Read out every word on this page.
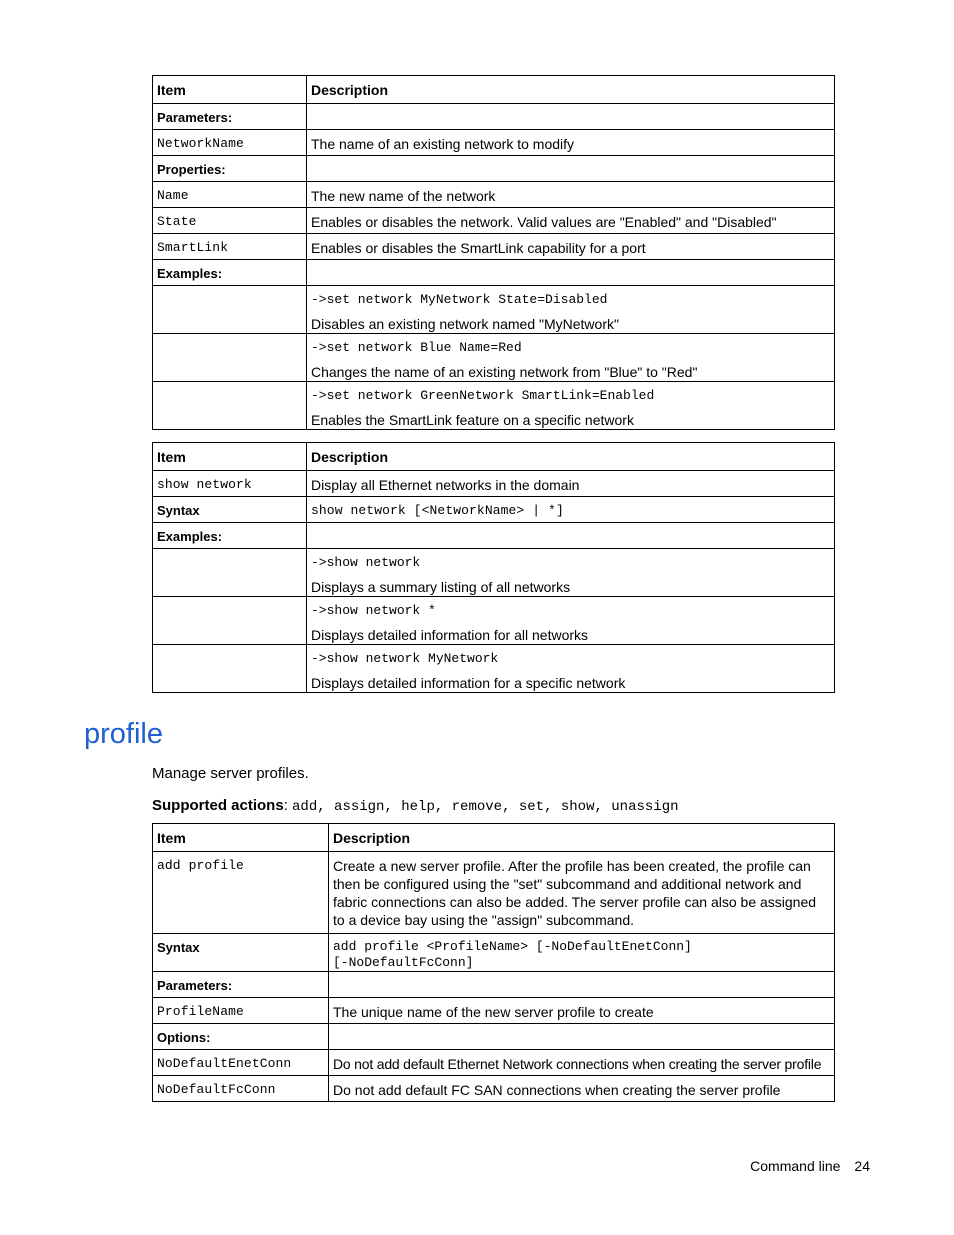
Item	Description
Parameters:	
NetworkName	The name of an existing network to modify
Properties:	
Name	The new name of the network
State	Enables or disables the network. Valid values are "Enabled" and "Disabled"
SmartLink	Enables or disables the SmartLink capability for a port
Examples:	

	->set network MyNetwork State=Disabled
Disables an existing network named "MyNetwork"

	->set network Blue Name=Red
Changes the name of an existing network from "Blue" to "Red"

	->set network GreenNetwork SmartLink=Enabled
Enables the SmartLink feature on a specific network
Item	Description
show network	Display all Ethernet networks in the domain
Syntax	show network [<NetworkName> | *]
Examples:	

	->show network
Displays a summary listing of all networks

	->show network *
Displays detailed information for all networks

	->show network MyNetwork
Displays detailed information for a specific network
profile

Manage server profiles.

Supported actions: add, assign, help, remove, set, show, unassign

Item	Description
add profile	Create a new server profile. After the profile has been created, the profile can then be configured using the "set" subcommand and additional network and fabric connections can also be added. The server profile can also be assigned to a device bay using the "assign" subcommand.
Syntax	add profile <ProfileName> [-NoDefaultEnetConn]
[-NoDefaultFcConn]

Parameters:	
ProfileName	The unique name of the new server profile to create
Options:	
NoDefaultEnetConn	Do not add default Ethernet Network connections when creating the server profile
NoDefaultFcConn	Do not add default FC SAN connections when creating the server profile
Command line 24
